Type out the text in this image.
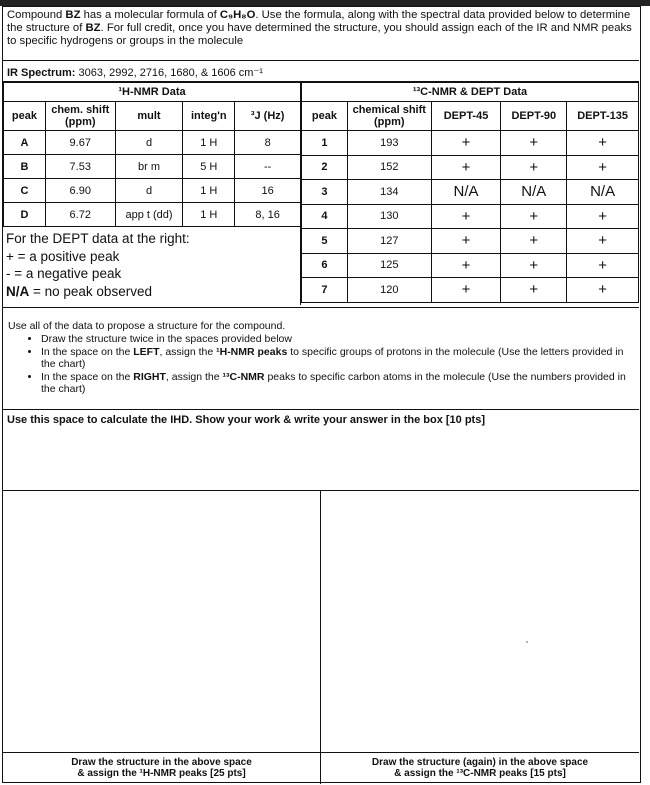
Compound BZ has a molecular formula of C₉H₈O. Use the formula, along with the spectral data provided below to determine the structure of BZ. For full credit, once you have determined the structure, you should assign each of the IR and NMR peaks to specific hydrogens or groups in the molecule
IR Spectrum: 3063, 2992, 2716, 1680, & 1606 cm⁻¹
¹H-NMR Data				
peak	chem. shift (ppm)	mult	integ'n	³J (Hz)
A	9.67	d	1 H	8
B	7.53	br m	5 H	--
C	6.90	d	1 H	16
D	6.72	app t (dd)	1 H	8, 16
For the DEPT data at the right:
+ = a positive peak
- = a negative peak
N/A = no peak observed
¹³C-NMR & DEPT Data				
peak	chemical shift (ppm)	DEPT-45	DEPT-90	DEPT-135
1	193	+	+	+
2	152	+	+	+
3	134	N/A	N/A	N/A
4	130	+	+	+
5	127	+	+	+
6	125	+	+	+
7	120	+	+	+
Use all of the data to propose a structure for the compound.
• Draw the structure twice in the spaces provided below
• In the space on the LEFT, assign the ¹H-NMR peaks to specific groups of protons in the molecule (Use the letters provided in the chart)
• In the space on the RIGHT, assign the ¹³C-NMR peaks to specific carbon atoms in the molecule (Use the numbers provided in the chart)
Use this space to calculate the IHD. Show your work & write your answer in the box [10 pts]
Draw the structure in the above space
& assign the ¹H-NMR peaks [25 pts]
Draw the structure (again) in the above space
& assign the ¹³C-NMR peaks [15 pts]
